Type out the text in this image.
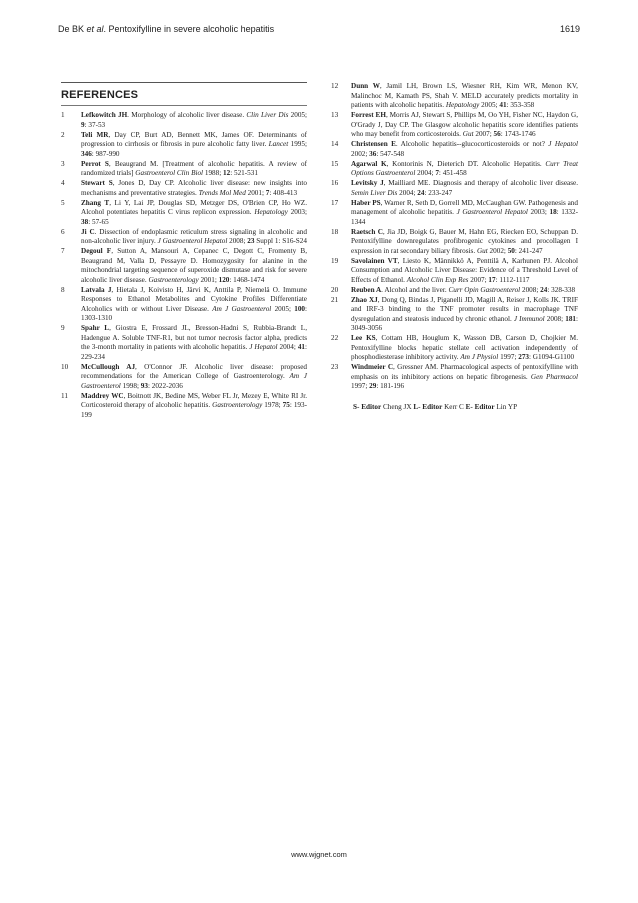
De BK et al. Pentoxifylline in severe alcoholic hepatitis	1619
REFERENCES
1	Lefkowitch JH. Morphology of alcoholic liver disease. Clin Liver Dis 2005; 9: 37-53
2	Teli MR, Day CP, Burt AD, Bennett MK, James OF. Determinants of progression to cirrhosis or fibrosis in pure alcoholic fatty liver. Lancet 1995; 346: 987-990
3	Perrot S, Beaugrand M. [Treatment of alcoholic hepatitis. A review of randomized trials] Gastroenterol Clin Biol 1988; 12: 521-531
4	Stewart S, Jones D, Day CP. Alcoholic liver disease: new insights into mechanisms and preventative strategies. Trends Mol Med 2001; 7: 408-413
5	Zhang T, Li Y, Lai JP, Douglas SD, Metzger DS, O'Brien CP, Ho WZ. Alcohol potentiates hepatitis C virus replicon expression. Hepatology 2003; 38: 57-65
6	Ji C. Dissection of endoplasmic reticulum stress signaling in alcoholic and non-alcoholic liver injury. J Gastroenterol Hepatol 2008; 23 Suppl 1: S16-S24
7	Degoul F, Sutton A, Mansouri A, Cepanec C, Degott C, Fromenty B, Beaugrand M, Valla D, Pessayre D. Homozygosity for alanine in the mitochondrial targeting sequence of superoxide dismutase and risk for severe alcoholic liver disease. Gastroenterology 2001; 120: 1468-1474
8	Latvala J, Hietala J, Koivisto H, Järvi K, Anttila P, Niemelä O. Immune Responses to Ethanol Metabolites and Cytokine Profiles Differentiate Alcoholics with or without Liver Disease. Am J Gastroenterol 2005; 100: 1303-1310
9	Spahr L, Giostra E, Frossard JL, Bresson-Hadni S, Rubbia-Brandt L, Hadengue A. Soluble TNF-R1, but not tumor necrosis factor alpha, predicts the 3-month mortality in patients with alcoholic hepatitis. J Hepatol 2004; 41: 229-234
10	McCullough AJ, O'Connor JF. Alcoholic liver disease: proposed recommendations for the American College of Gastroenterology. Am J Gastroenterol 1998; 93: 2022-2036
11	Maddrey WC, Boitnott JK, Bedine MS, Weber FL Jr, Mezey E, White RI Jr. Corticosteroid therapy of alcoholic hepatitis. Gastroenterology 1978; 75: 193-199
12	Dunn W, Jamil LH, Brown LS, Wiesner RH, Kim WR, Menon KV, Malinchoc M, Kamath PS, Shah V. MELD accurately predicts mortality in patients with alcoholic hepatitis. Hepatology 2005; 41: 353-358
13	Forrest EH, Morris AJ, Stewart S, Phillips M, Oo YH, Fisher NC, Haydon G, O'Grady J, Day CP. The Glasgow alcoholic hepatitis score identifies patients who may benefit from corticosteroids. Gut 2007; 56: 1743-1746
14	Christensen E. Alcoholic hepatitis--glucocorticosteroids or not? J Hepatol 2002; 36: 547-548
15	Agarwal K, Kontorinis N, Dieterich DT. Alcoholic Hepatitis. Curr Treat Options Gastroenterol 2004; 7: 451-458
16	Levitsky J, Mailliard ME. Diagnosis and therapy of alcoholic liver disease. Semin Liver Dis 2004; 24: 233-247
17	Haber PS, Warner R, Seth D, Gorrell MD, McCaughan GW. Pathogenesis and management of alcoholic hepatitis. J Gastroenterol Hepatol 2003; 18: 1332-1344
18	Raetsch C, Jia JD, Boigk G, Bauer M, Hahn EG, Riecken EO, Schuppan D. Pentoxifylline downregulates profibrogenic cytokines and procollagen I expression in rat secondary biliary fibrosis. Gut 2002; 50: 241-247
19	Savolainen VT, Liesto K, Männikkö A, Penttilä A, Karhunen PJ. Alcohol Consumption and Alcoholic Liver Disease: Evidence of a Threshold Level of Effects of Ethanol. Alcohol Clin Exp Res 2007; 17: 1112-1117
20	Reuben A. Alcohol and the liver. Curr Opin Gastroenterol 2008; 24: 328-338
21	Zhao XJ, Dong Q, Bindas J, Piganelli JD, Magill A, Reiser J, Kolls JK. TRIF and IRF-3 binding to the TNF promoter results in macrophage TNF dysregulation and steatosis induced by chronic ethanol. J Immunol 2008; 181: 3049-3056
22	Lee KS, Cottam HB, Houglum K, Wasson DB, Carson D, Chojkier M. Pentoxifylline blocks hepatic stellate cell activation independently of phosphodiesterase inhibitory activity. Am J Physiol 1997; 273: G1094-G1100
23	Windmeier C, Gressner AM. Pharmacological aspects of pentoxifylline with emphasis on its inhibitory actions on hepatic fibrogenesis. Gen Pharmacol 1997; 29: 181-196
S- Editor Cheng JX L- Editor Kerr C E- Editor Lin YP
www.wjgnet.com
